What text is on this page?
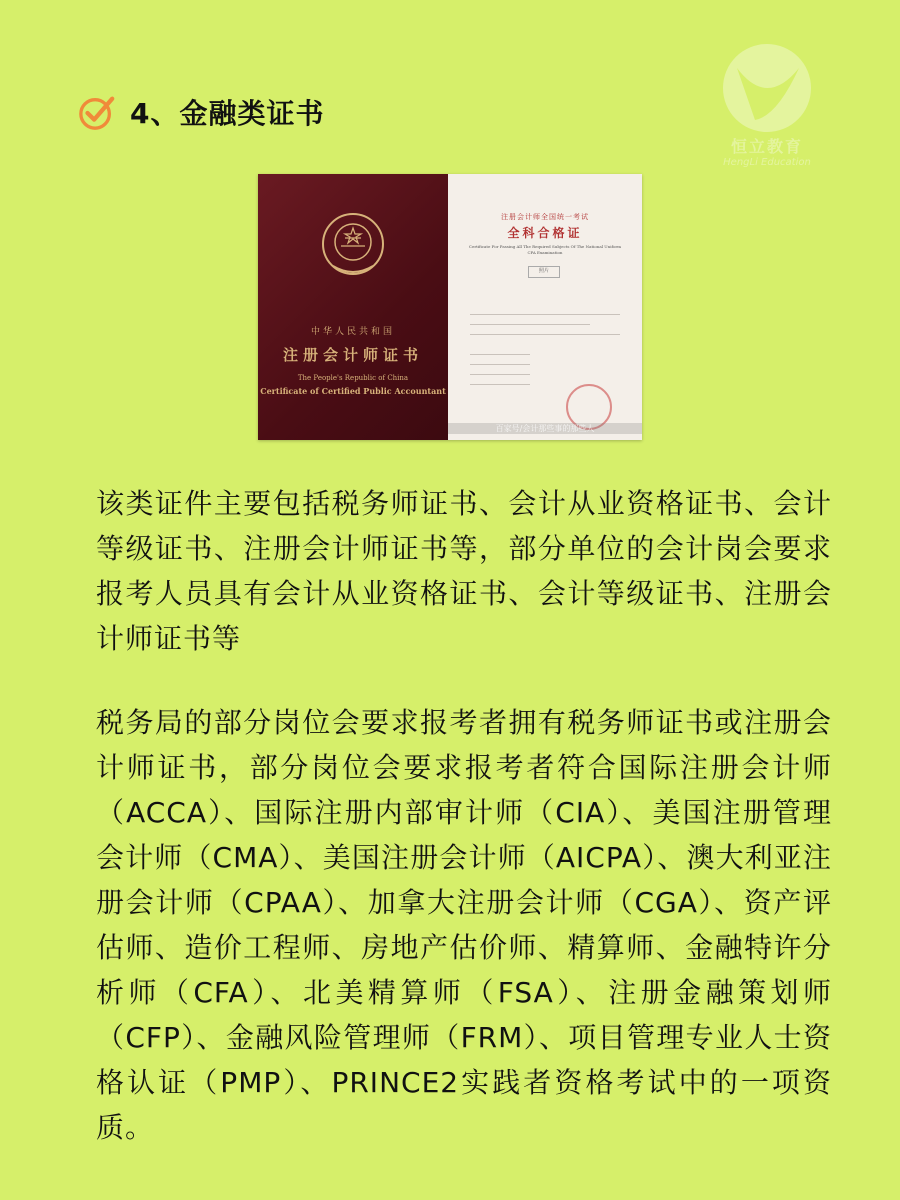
4、金融类证书
恒立教育
HengLi Education
中华人民共和国
注册会计师证书
The People's Republic of China
Certificate of Certified Public Accountant
注册会计师全国统一考试
全科合格证
Certificate For Passing All The Required Subjects Of The National Uniform CPA Examination
照片
百家号/会计那些事的那些人

该类证件主要包括税务师证书、会计从业资格证书、会计等级证书、注册会计师证书等，部分单位的会计岗会要求报考人员具有会计从业资格证书、会计等级证书、注册会计师证书等

税务局的部分岗位会要求报考者拥有税务师证书或注册会计师证书，部分岗位会要求报考者符合国际注册会计师（ACCA）、国际注册内部审计师（CIA）、美国注册管理会计师（CMA）、美国注册会计师（AICPA）、澳大利亚注册会计师（CPAA）、加拿大注册会计师（CGA）、资产评估师、造价工程师、房地产估价师、精算师、金融特许分析师（CFA）、北美精算师（FSA）、注册金融策划师（CFP）、金融风险管理师（FRM）、项目管理专业人士资格认证（PMP）、PRINCE2实践者资格考试中的一项资质。
